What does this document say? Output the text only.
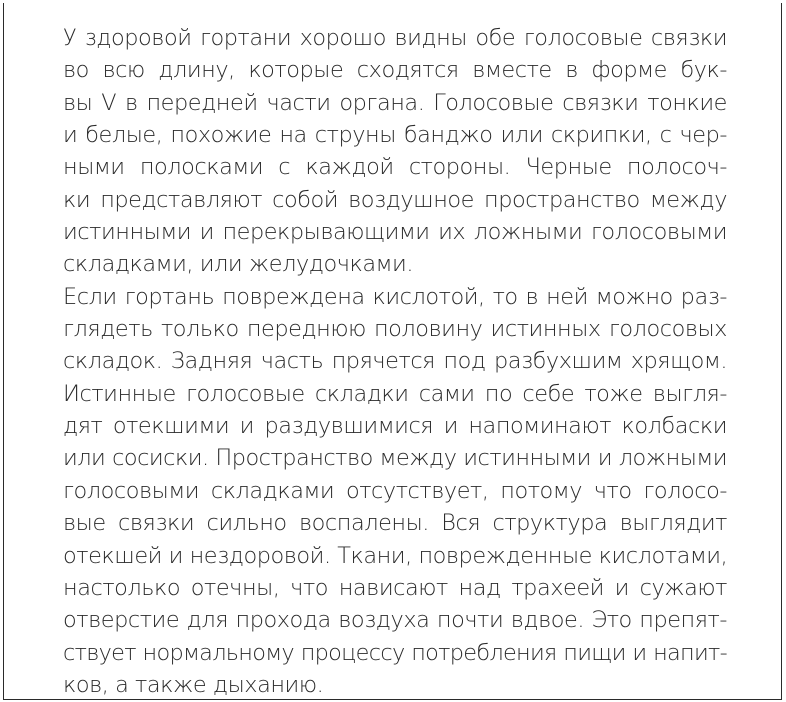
У здоровой гортани хорошо видны обе голосовые связки
во всю длину, которые сходятся вместе в форме бук-
вы V в передней части органа. Голосовые связки тонкие
и белые, похожие на струны банджо или скрипки, с чер-
ными полосками с каждой стороны. Черные полосоч-
ки представляют собой воздушное пространство между
истинными и перекрывающими их ложными голосовыми
складками, или желудочками.
Если гортань повреждена кислотой, то в ней можно раз-
глядеть только переднюю половину истинных голосовых
складок. Задняя часть прячется под разбухшим хрящом.
Истинные голосовые складки сами по себе тоже выгля-
дят отекшими и раздувшимися и напоминают колбаски
или сосиски. Пространство между истинными и ложными
голосовыми складками отсутствует, потому что голосо-
вые связки сильно воспалены. Вся структура выглядит
отекшей и нездоровой. Ткани, поврежденные кислотами,
настолько отечны, что нависают над трахеей и сужают
отверстие для прохода воздуха почти вдвое. Это препят-
ствует нормальному процессу потребления пищи и напит-
ков, а также дыханию.
